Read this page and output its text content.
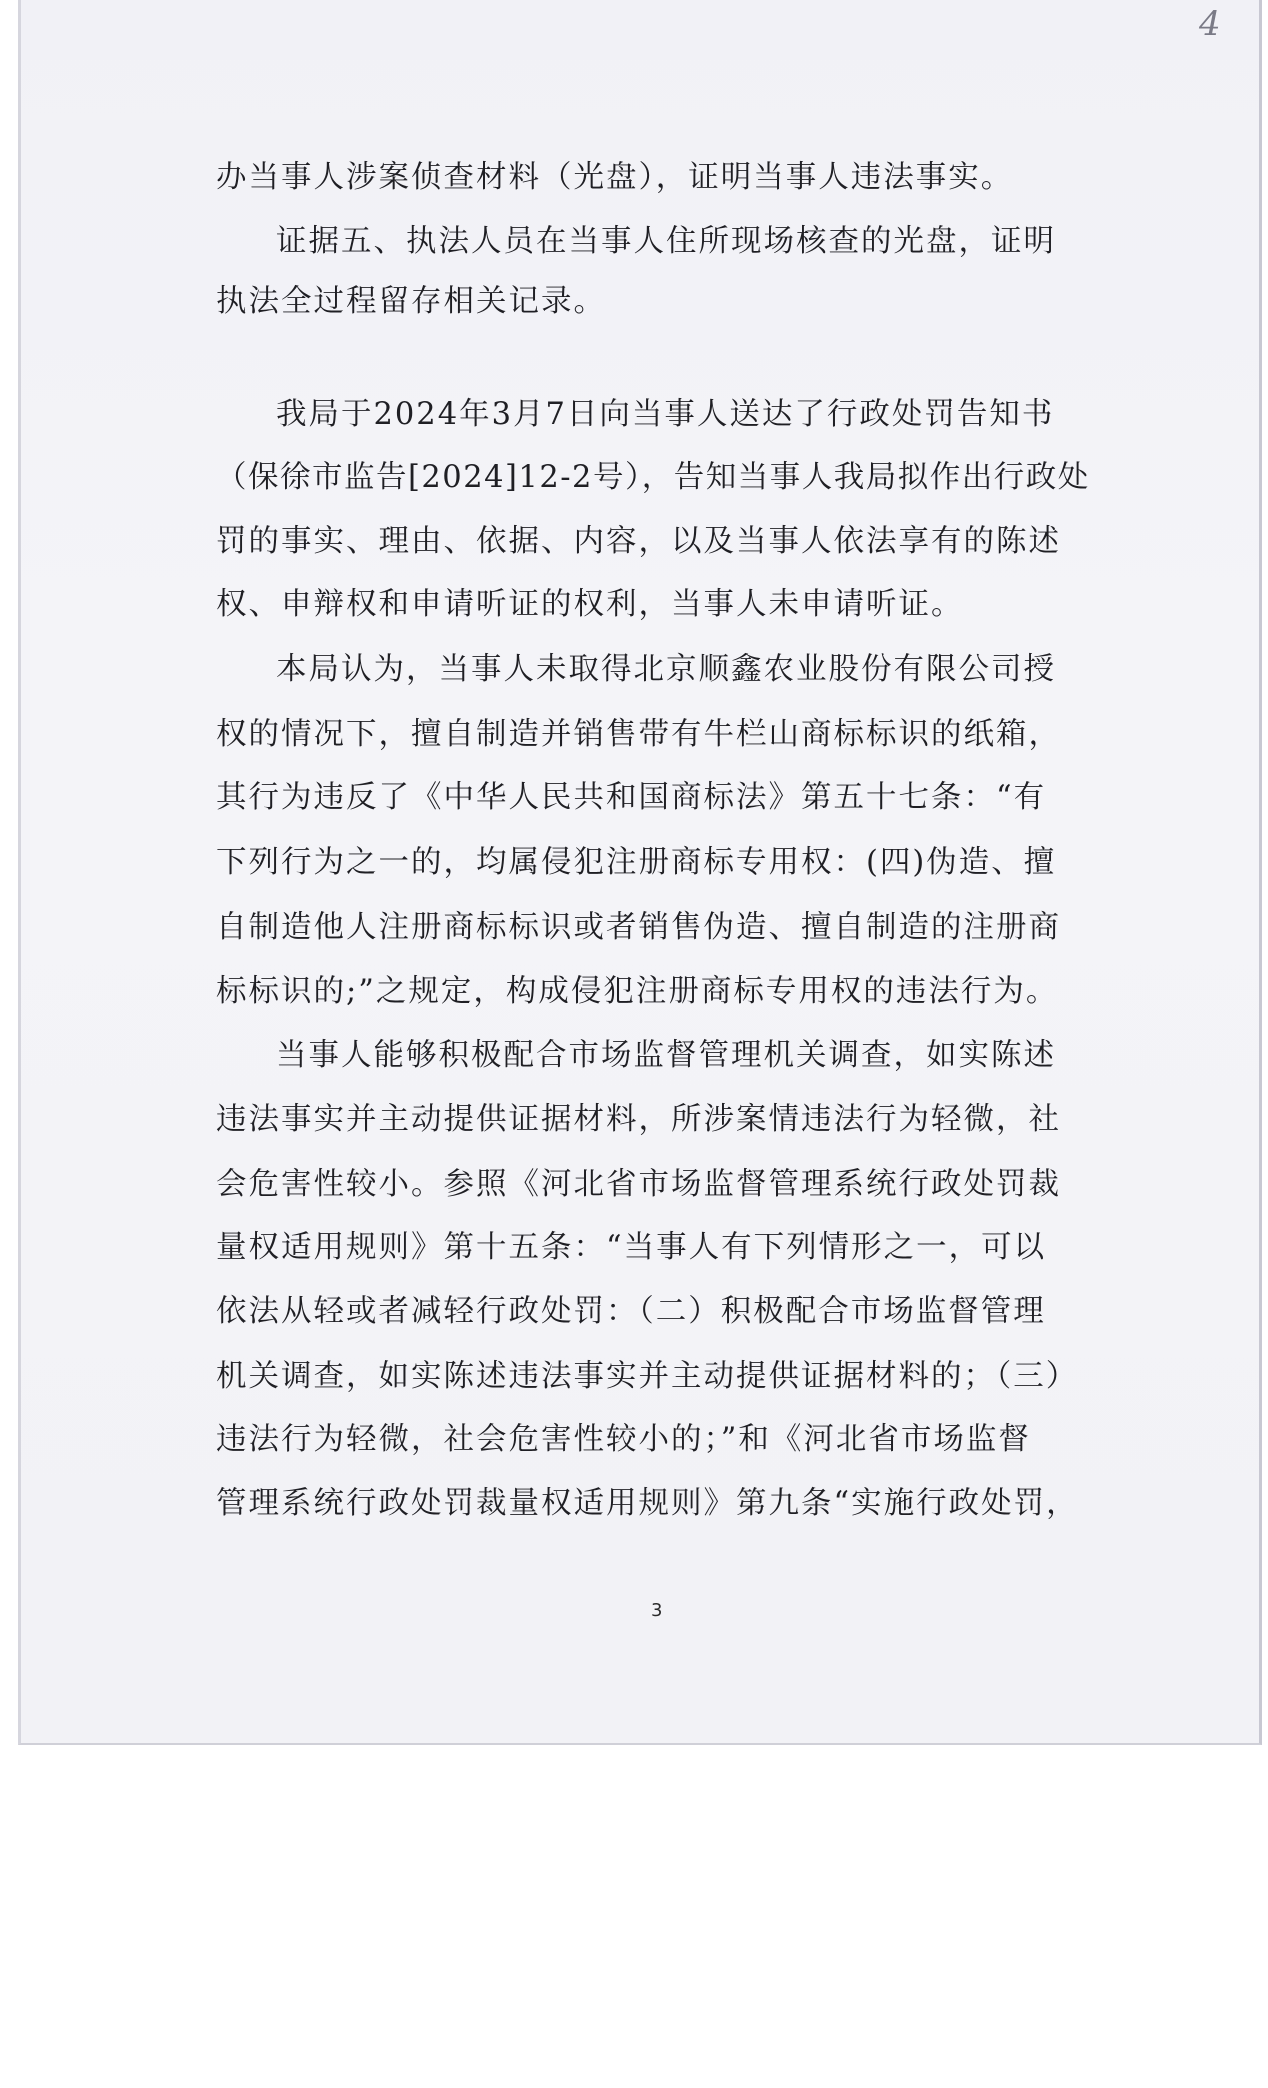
4
办当事人涉案侦查材料（光盘），证明当事人违法事实。
证据五、执法人员在当事人住所现场核查的光盘，证明
执法全过程留存相关记录。
我局于2024年3月7日向当事人送达了行政处罚告知书
（保徐市监告[2024]12-2号），告知当事人我局拟作出行政处
罚的事实、理由、依据、内容，以及当事人依法享有的陈述
权、申辩权和申请听证的权利，当事人未申请听证。
本局认为，当事人未取得北京顺鑫农业股份有限公司授
权的情况下，擅自制造并销售带有牛栏山商标标识的纸箱，
其行为违反了《中华人民共和国商标法》第五十七条：“有
下列行为之一的，均属侵犯注册商标专用权：(四)伪造、擅
自制造他人注册商标标识或者销售伪造、擅自制造的注册商
标标识的;”之规定，构成侵犯注册商标专用权的违法行为。
当事人能够积极配合市场监督管理机关调查，如实陈述
违法事实并主动提供证据材料，所涉案情违法行为轻微，社
会危害性较小。参照《河北省市场监督管理系统行政处罚裁
量权适用规则》第十五条：“当事人有下列情形之一，可以
依法从轻或者减轻行政处罚：（二）积极配合市场监督管理
机关调查，如实陈述违法事实并主动提供证据材料的；（三）
违法行为轻微，社会危害性较小的；”和《河北省市场监督
管理系统行政处罚裁量权适用规则》第九条“实施行政处罚，
3
